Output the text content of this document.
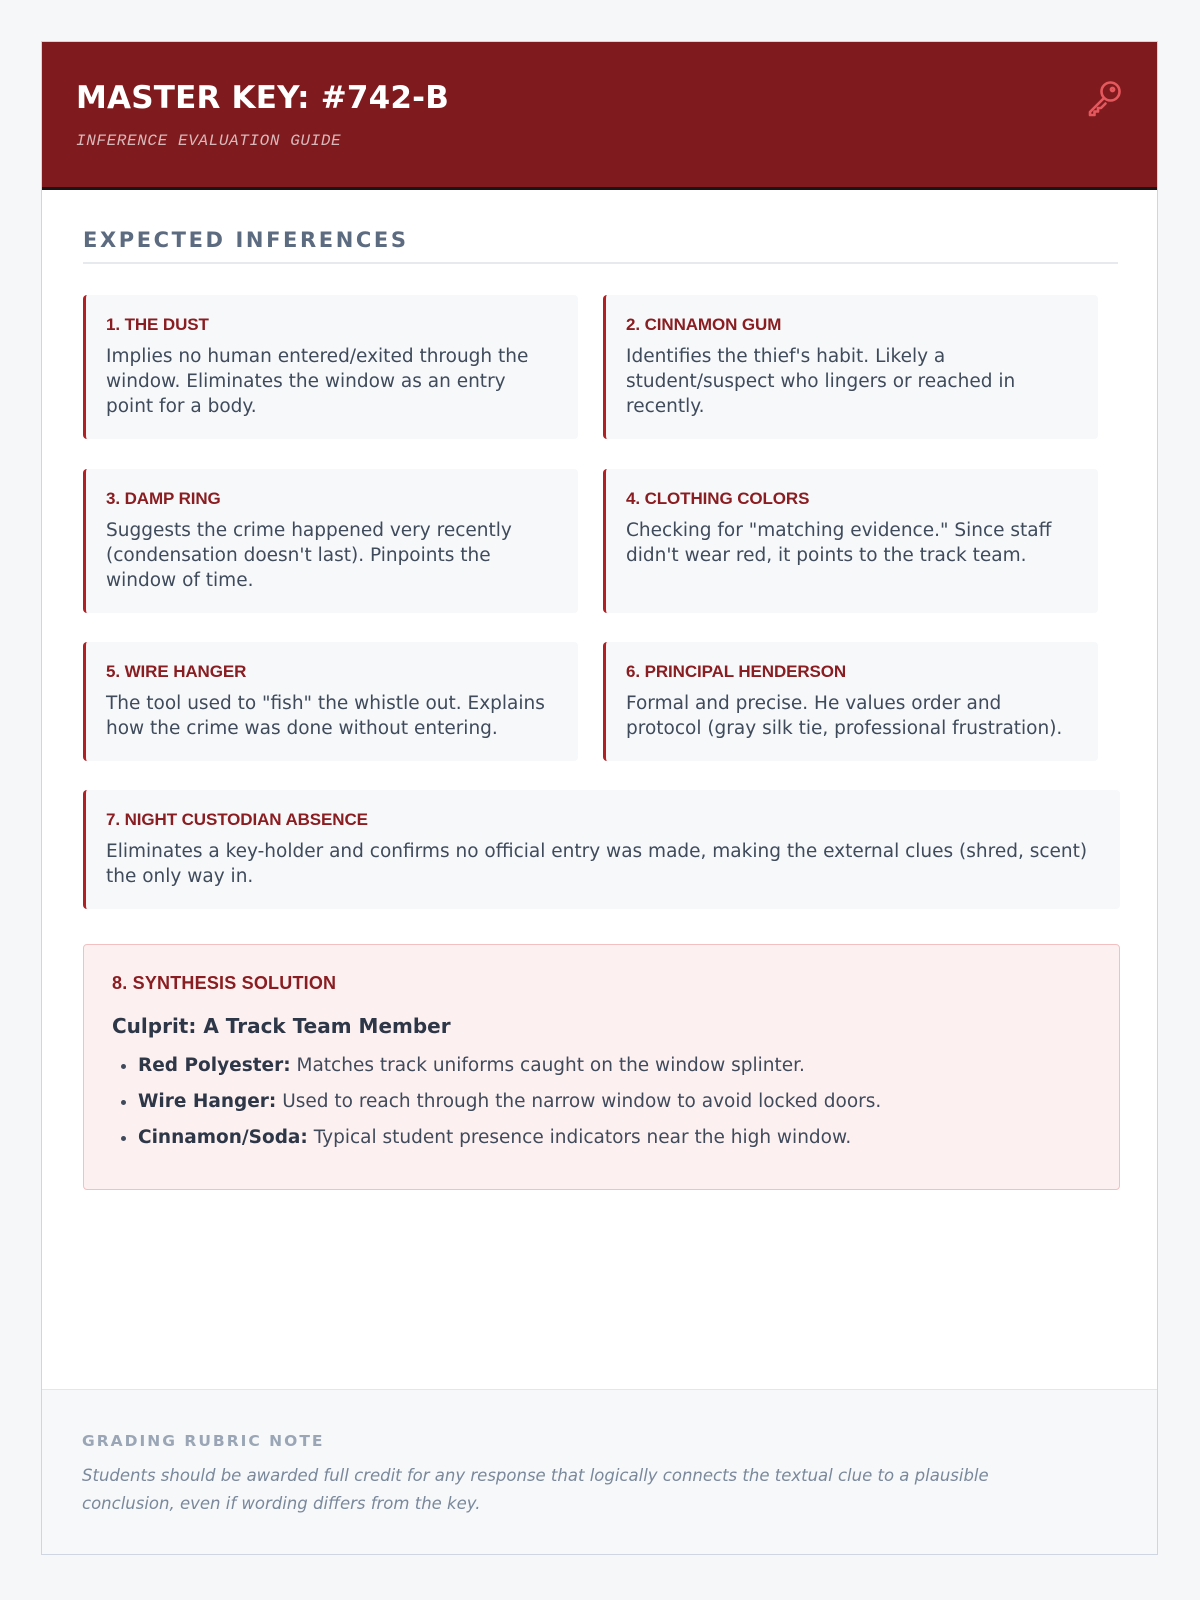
MASTER KEY: #742-B
INFERENCE EVALUATION GUIDE
EXPECTED INFERENCES
1. THE DUST
Implies no human entered/exited through the window. Eliminates the window as an entry point for a body.
2. CINNAMON GUM
Identifies the thief's habit. Likely a student/suspect who lingers or reached in recently.
3. DAMP RING
Suggests the crime happened very recently (condensation doesn't last). Pinpoints the window of time.
4. CLOTHING COLORS
Checking for "matching evidence." Since staff didn't wear red, it points to the track team.
5. WIRE HANGER
The tool used to "fish" the whistle out. Explains how the crime was done without entering.
6. PRINCIPAL HENDERSON
Formal and precise. He values order and protocol (gray silk tie, professional frustration).
7. NIGHT CUSTODIAN ABSENCE
Eliminates a key-holder and confirms no official entry was made, making the external clues (shred, scent) the only way in.
8. SYNTHESIS SOLUTION
Culprit: A Track Team Member
• Red Polyester: Matches track uniforms caught on the window splinter.
• Wire Hanger: Used to reach through the narrow window to avoid locked doors.
• Cinnamon/Soda: Typical student presence indicators near the high window.
GRADING RUBRIC NOTE
Students should be awarded full credit for any response that logically connects the textual clue to a plausible conclusion, even if wording differs from the key.
